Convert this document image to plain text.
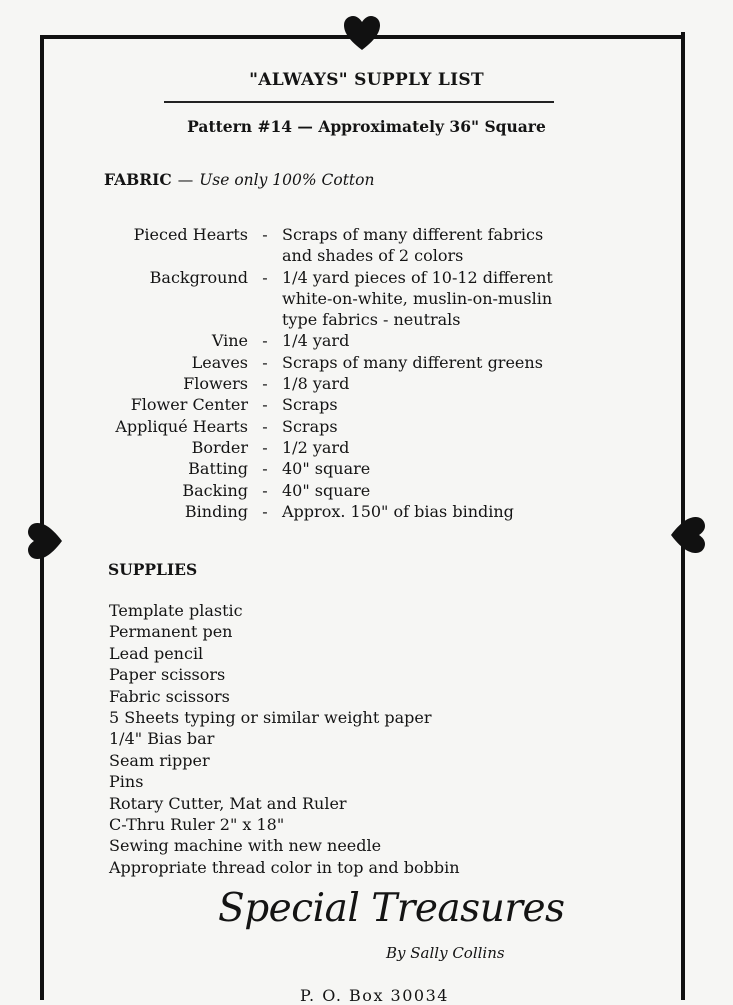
"ALWAYS" SUPPLY LIST
Pattern #14 — Approximately 36" Square
FABRIC — Use only 100% Cotton
Pieced Hearts - Scraps of many different fabrics
and shades of 2 colors
Background - 1/4 yard pieces of 10-12 different
white-on-white, muslin-on-muslin
type fabrics - neutrals
Vine - 1/4 yard
Leaves - Scraps of many different greens
Flowers - 1/8 yard
Flower Center - Scraps
Appliqué Hearts - Scraps
Border - 1/2 yard
Batting - 40" square
Backing - 40" square
Binding - Approx. 150" of bias binding
SUPPLIES
Template plastic
Permanent pen
Lead pencil
Paper scissors
Fabric scissors
5 Sheets typing or similar weight paper
1/4" Bias bar
Seam ripper
Pins
Rotary Cutter, Mat and Ruler
C-Thru Ruler 2" x 18"
Sewing machine with new needle
Appropriate thread color in top and bobbin
Special Treasures
By Sally Collins
P. O. Box 30034
